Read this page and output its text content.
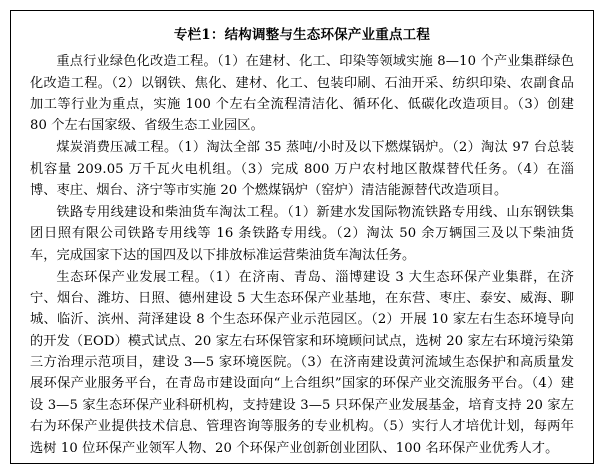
专栏1：结构调整与生态环保产业重点工程

重点行业绿色化改造工程。（1）在建材、化工、印染等领域实施 8—10 个产业集群绿色化改造工程。（2）以钢铁、焦化、建材、化工、包装印刷、石油开采、纺织印染、农副食品加工等行业为重点，实施 100 个左右全流程清洁化、循环化、低碳化改造项目。（3）创建 80 个左右国家级、省级生态工业园区。

煤炭消费压减工程。（1）淘汰全部 35 蒸吨/小时及以下燃煤锅炉。（2）淘汰 97 台总装机容量 209.05 万千瓦火电机组。（3）完成 800 万户农村地区散煤替代任务。（4）在淄博、枣庄、烟台、济宁等市实施 20 个燃煤锅炉（窑炉）清洁能源替代改造项目。

铁路专用线建设和柴油货车淘汰工程。（1）新建水发国际物流铁路专用线、山东钢铁集团日照有限公司铁路专用线等 16 条铁路专用线。（2）淘汰 50 余万辆国三及以下柴油货车，完成国家下达的国四及以下排放标准运营柴油货车淘汰任务。

生态环保产业发展工程。（1）在济南、青岛、淄博建设 3 大生态环保产业集群，在济宁、烟台、潍坊、日照、德州建设 5 大生态环保产业基地，在东营、枣庄、泰安、威海、聊城、临沂、滨州、菏泽建设 8 个生态环保产业示范园区。（2）开展 10 家左右生态环境导向的开发（EOD）模式试点、20 家左右环保管家和环境顾问试点，选树 20 家左右环境污染第三方治理示范项目，建设 3—5 家环境医院。（3）在济南建设黄河流域生态保护和高质量发展环保产业服务平台，在青岛市建设面向“上合组织”国家的环保产业交流服务平台。（4）建设 3—5 家生态环保产业科研机构，支持建设 3—5 只环保产业发展基金，培育支持 20 家左右为环保产业提供技术信息、管理咨询等服务的专业机构。（5）实行人才培优计划，每两年选树 10 位环保产业领军人物、20 个环保产业创新创业团队、100 名环保产业优秀人才。
